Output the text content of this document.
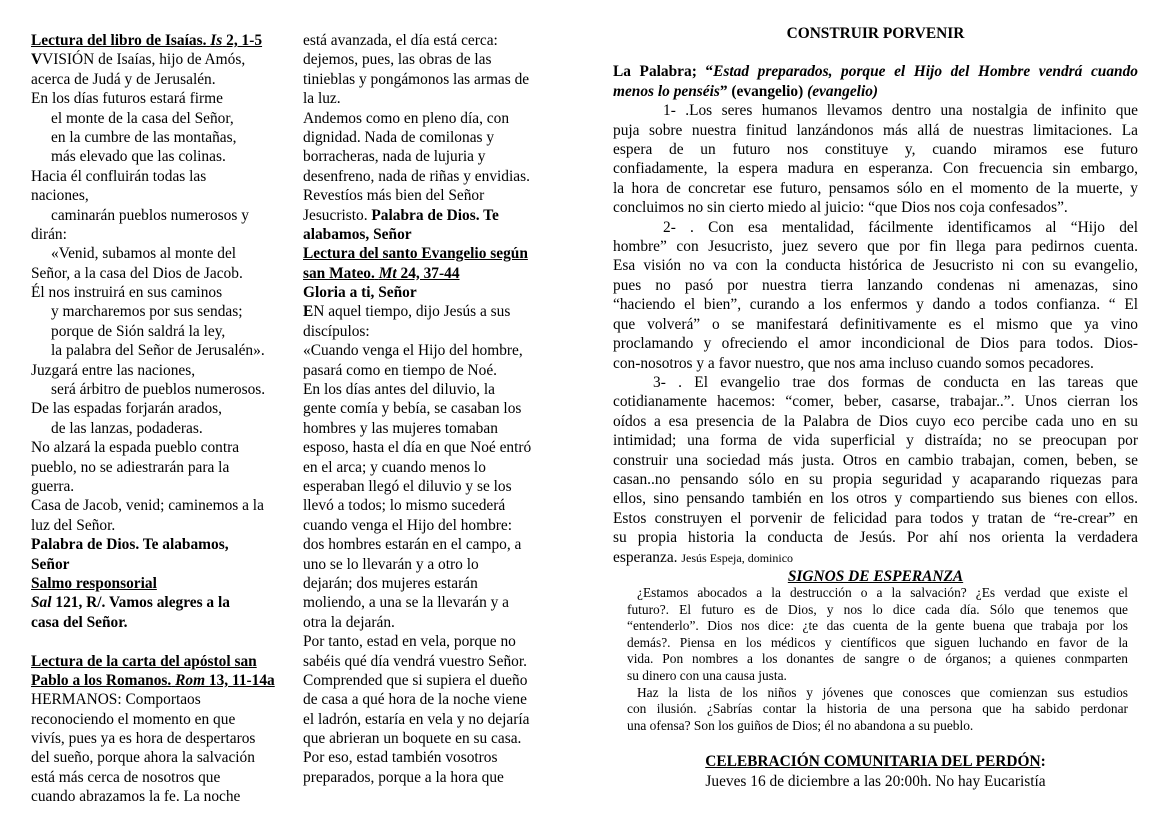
Lectura del libro de Isaías. Is 2, 1-5
VVISIÓN de Isaías, hijo de Amós,
acerca de Judá y de Jerusalén.
En los días futuros estará firme
el monte de la casa del Señor,
en la cumbre de las montañas,
más elevado que las colinas.
Hacia él confluirán todas las
naciones,
caminarán pueblos numerosos y
dirán:
«Venid, subamos al monte del
Señor, a la casa del Dios de Jacob.
Él nos instruirá en sus caminos
y marcharemos por sus sendas;
porque de Sión saldrá la ley,
la palabra del Señor de Jerusalén».
Juzgará entre las naciones,
será árbitro de pueblos numerosos.
De las espadas forjarán arados,
de las lanzas, podaderas.
No alzará la espada pueblo contra
pueblo, no se adiestrarán para la
guerra.
Casa de Jacob, venid; caminemos a la
luz del Señor.
Palabra de Dios. Te alabamos,
Señor
Salmo responsorial
Sal 121, R/. Vamos alegres a la
casa del Señor.
Lectura de la carta del apóstol san
Pablo a los Romanos. Rom 13, 11-14a
HERMANOS: Comportaos
reconociendo el momento en que
vivís, pues ya es hora de despertaros
del sueño, porque ahora la salvación
está más cerca de nosotros que
cuando abrazamos la fe. La noche
está avanzada, el día está cerca:
dejemos, pues, las obras de las
tinieblas y pongámonos las armas de
la luz.
Andemos como en pleno día, con
dignidad. Nada de comilonas y
borracheras, nada de lujuria y
desenfreno, nada de riñas y envidias.
Revestíos más bien del Señor
Jesucristo. Palabra de Dios. Te
alabamos, Señor
Lectura del santo Evangelio según
san Mateo. Mt 24, 37-44
Gloria a ti, Señor
EN aquel tiempo, dijo Jesús a sus
discípulos:
«Cuando venga el Hijo del hombre,
pasará como en tiempo de Noé.
En los días antes del diluvio, la
gente comía y bebía, se casaban los
hombres y las mujeres tomaban
esposo, hasta el día en que Noé entró
en el arca; y cuando menos lo
esperaban llegó el diluvio y se los
llevó a todos; lo mismo sucederá
cuando venga el Hijo del hombre:
dos hombres estarán en el campo, a
uno se lo llevarán y a otro lo
dejarán; dos mujeres estarán
moliendo, a una se la llevarán y a
otra la dejarán.
Por tanto, estad en vela, porque no
sabéis qué día vendrá vuestro Señor.
Comprended que si supiera el dueño
de casa a qué hora de la noche viene
el ladrón, estaría en vela y no dejaría
que abrieran un boquete en su casa.
Por eso, estad también vosotros
preparados, porque a la hora que
CONSTRUIR PORVENIR
La Palabra; “Estad preparados, porque el Hijo del Hombre vendrá cuando
menos lo penséis” (evangelio) (evangelio)
1- .Los seres humanos llevamos dentro una nostalgia de infinito que
puja sobre nuestra finitud lanzándonos más allá de nuestras limitaciones. La
espera de un futuro nos constituye y, cuando miramos ese futuro
confiadamente, la espera madura en esperanza. Con frecuencia sin embargo,
la hora de concretar ese futuro, pensamos sólo en el momento de la muerte, y
concluimos no sin cierto miedo al juicio: “que Dios nos coja confesados”.
2- . Con esa mentalidad, fácilmente identificamos al “Hijo del
hombre” con Jesucristo, juez severo que por fin llega para pedirnos cuenta.
Esa visión no va con la conducta histórica de Jesucristo ni con su evangelio,
pues no pasó por nuestra tierra lanzando condenas ni amenazas, sino
“haciendo el bien”, curando a los enfermos y dando a todos confianza. “ El
que volverá” o se manifestará definitivamente es el mismo que ya vino
proclamando y ofreciendo el amor incondicional de Dios para todos. Dios-
con-nosotros y a favor nuestro, que nos ama incluso cuando somos pecadores.
3- . El evangelio trae dos formas de conducta en las tareas que
cotidianamente hacemos: “comer, beber, casarse, trabajar..”. Unos cierran los
oídos a esa presencia de la Palabra de Dios cuyo eco percibe cada uno en su
intimidad; una forma de vida superficial y distraída; no se preocupan por
construir una sociedad más justa. Otros en cambio trabajan, comen, beben, se
casan..no pensando sólo en su propia seguridad y acaparando riquezas para
ellos, sino pensando también en los otros y compartiendo sus bienes con ellos.
Estos construyen el porvenir de felicidad para todos y tratan de “re-crear” en
su propia historia la conducta de Jesús. Por ahí nos orienta la verdadera
esperanza. Jesús Espeja, dominico
SIGNOS DE ESPERANZA
¿Estamos abocados a la destrucción o a la salvación? ¿Es verdad que existe el
futuro?. El futuro es de Dios, y nos lo dice cada día. Sólo que tenemos que
“entenderlo”. Dios nos dice: ¿te das cuenta de la gente buena que trabaja por los
demás?. Piensa en los médicos y científicos que siguen luchando en favor de la
vida. Pon nombres a los donantes de sangre o de órganos; a quienes conmparten
su dinero con una causa justa.
Haz la lista de los niños y jóvenes que conosces que comienzan sus estudios
con ilusión. ¿Sabrías contar la historia de una persona que ha sabido perdonar
una ofensa? Son los guiños de Dios; él no abandona a su pueblo.
CELEBRACIÓN COMUNITARIA DEL PERDÓN:
Jueves 16 de diciembre a las 20:00h. No hay Eucaristía
